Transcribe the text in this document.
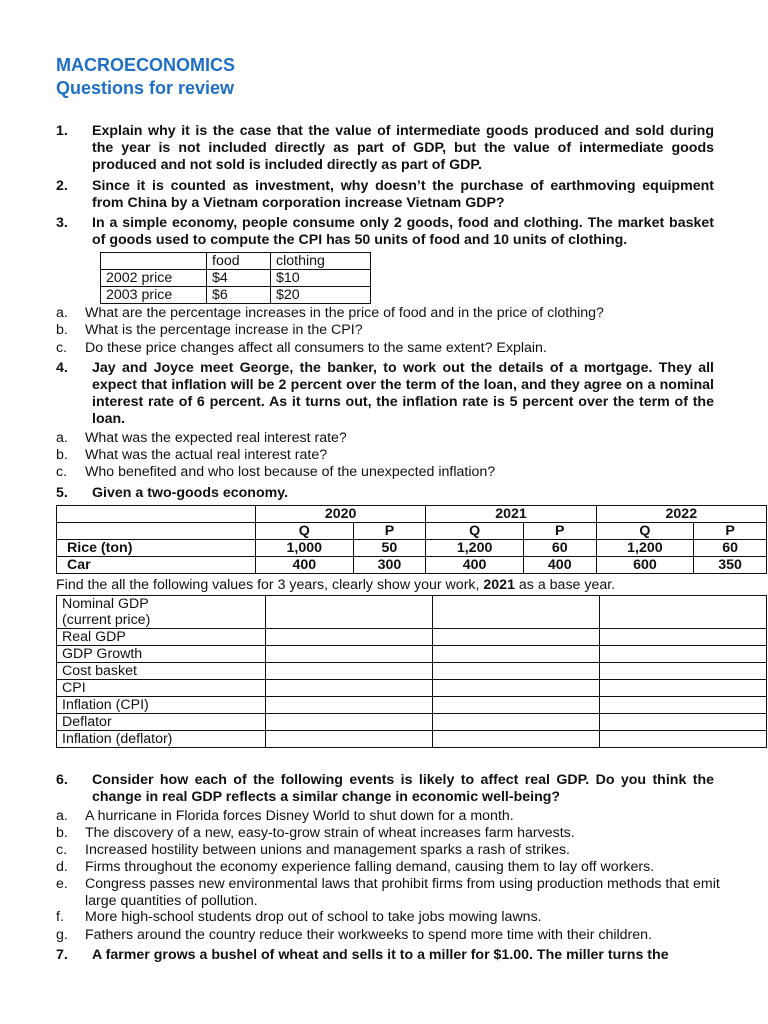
MACROECONOMICS
Questions for review
1. Explain why it is the case that the value of intermediate goods produced and sold during the year is not included directly as part of GDP, but the value of intermediate goods produced and not sold is included directly as part of GDP.
2. Since it is counted as investment, why doesn’t the purchase of earthmoving equipment from China by a Vietnam corporation increase Vietnam GDP?
3. In a simple economy, people consume only 2 goods, food and clothing. The market basket of goods used to compute the CPI has 50 units of food and 10 units of clothing.
	food	clothing
2002 price	$4	$10
2003 price	$6	$20
a. What are the percentage increases in the price of food and in the price of clothing?
b. What is the percentage increase in the CPI?
c. Do these price changes affect all consumers to the same extent? Explain.
4. Jay and Joyce meet George, the banker, to work out the details of a mortgage. They all expect that inflation will be 2 percent over the term of the loan, and they agree on a nominal interest rate of 6 percent. As it turns out, the inflation rate is 5 percent over the term of the loan.
a. What was the expected real interest rate?
b. What was the actual real interest rate?
c. Who benefited and who lost because of the unexpected inflation?
5. Given a two-goods economy.
	2020		2021		2022	
	Q	P	Q	P	Q	P
Rice (ton)	1,000	50	1,200	60	1,200	60
Car	400	300	400	400	600	350
Find the all the following values for 3 years, clearly show your work, 2021 as a base year.
Nominal GDP
(current price)			
Real GDP			
GDP Growth			
Cost basket			
CPI			
Inflation (CPI)			
Deflator			
Inflation (deflator)			
6. Consider how each of the following events is likely to affect real GDP. Do you think the change in real GDP reflects a similar change in economic well-being?
a. A hurricane in Florida forces Disney World to shut down for a month.
b. The discovery of a new, easy-to-grow strain of wheat increases farm harvests.
c. Increased hostility between unions and management sparks a rash of strikes.
d. Firms throughout the economy experience falling demand, causing them to lay off workers.
e. Congress passes new environmental laws that prohibit firms from using production methods that emit large quantities of pollution.
f. More high-school students drop out of school to take jobs mowing lawns.
g. Fathers around the country reduce their workweeks to spend more time with their children.
7. A farmer grows a bushel of wheat and sells it to a miller for $1.00. The miller turns the
